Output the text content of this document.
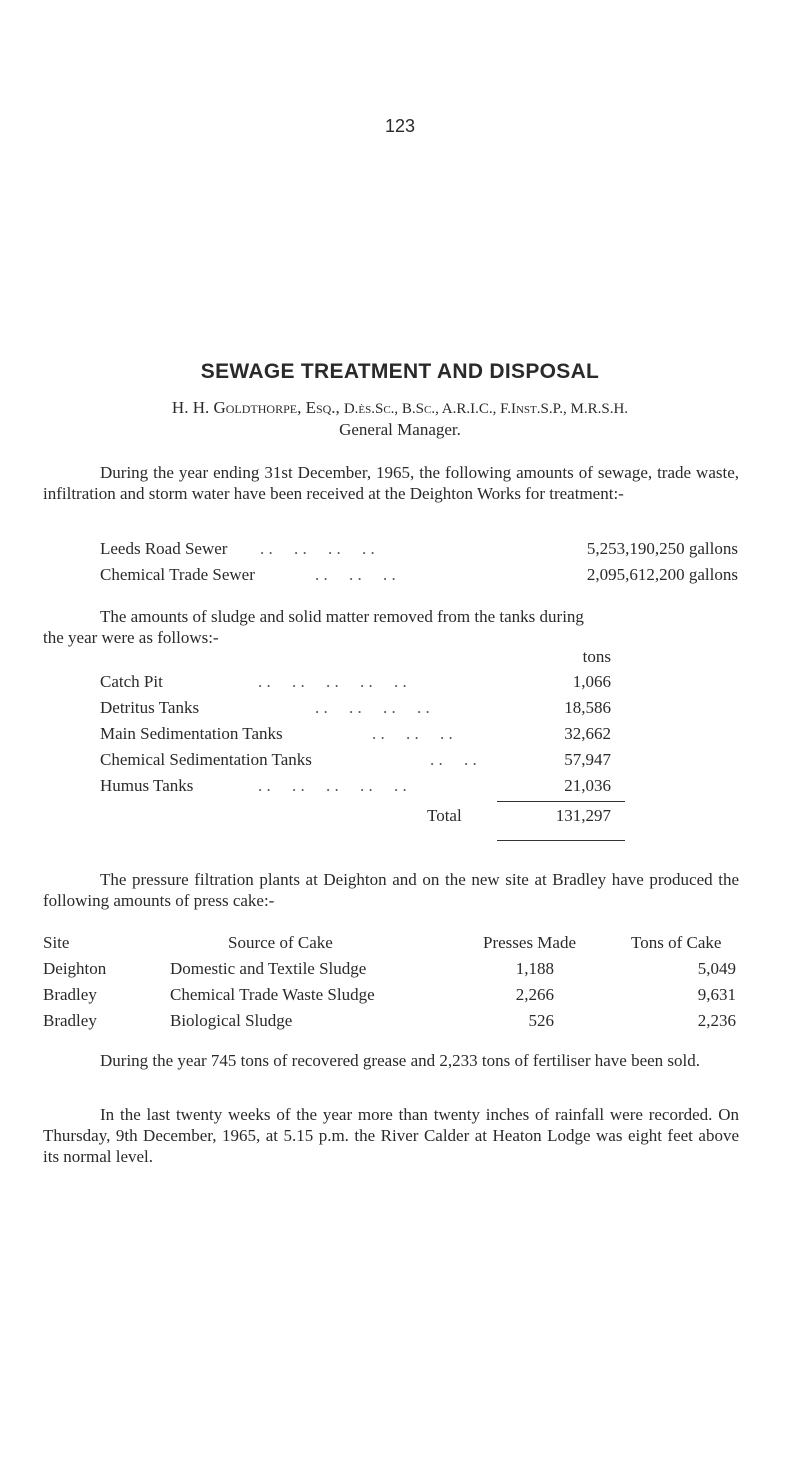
123
SEWAGE TREATMENT AND DISPOSAL
H. H. Goldthorpe, Esq., D.ès.Sc., B.Sc., A.R.I.C., F.Inst.S.P., M.R.S.H.
General Manager.
During the year ending 31st December, 1965, the following amounts of sewage, trade waste, infiltration and storm water have been received at the Deighton Works for treatment:-
Leeds Road Sewer . .     . .     . .     . .	5,253,190,250 gallons
Chemical Trade Sewer	. .     . .     . .	2,095,612,200 gallons
The amounts of sludge and solid matter removed from the tanks during
the year were as follows:-
tons
Catch Pit	. .     . .     . .     . .     . .	1,066
Detritus Tanks	. .     . .     . .     . .	18,586
Main Sedimentation Tanks	. .     . .     . .	32,662
Chemical Sedimentation Tanks	. .     . .	57,947
Humus Tanks	. .     . .     . .     . .     . .	21,036
Total	131,297
The pressure filtration plants at Deighton and on the new site at Bradley have produced the following amounts of press cake:-
Site	Source of Cake	Presses Made	Tons of Cake
Deighton	Domestic and Textile Sludge	1,188	5,049
Bradley	Chemical Trade Waste Sludge	2,266	9,631
Bradley	Biological Sludge	526	2,236
During the year 745 tons of recovered grease and 2,233 tons of fertiliser have been sold.
In the last twenty weeks of the year more than twenty inches of rainfall were recorded. On Thursday, 9th December, 1965, at 5.15 p.m. the River Calder at Heaton Lodge was eight feet above its normal level.
